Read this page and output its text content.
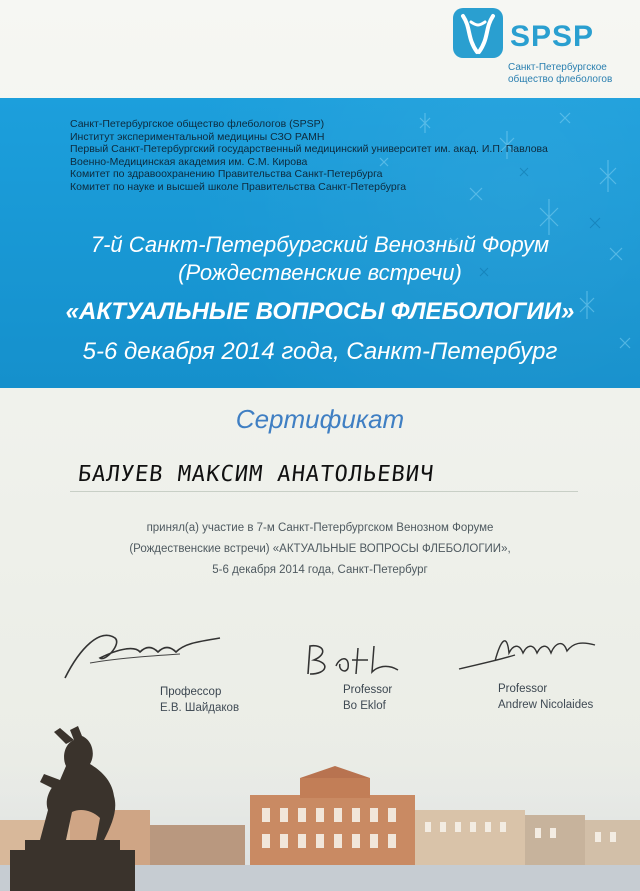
SPSP
Санкт-Петербургское
общество флебологов
Санкт-Петербургское общество флебологов (SPSP)
Институт экспериментальной медицины СЗО РАМН
Первый Санкт-Петербургский государственный медицинский университет им. акад. И.П. Павлова
Военно-Медицинская академия им. С.М. Кирова
Комитет по здравоохранению Правительства Санкт-Петербурга
Комитет по науке и высшей школе Правительства Санкт-Петербурга
7-й Санкт-Петербургский Венозный Форум
(Рождественские встречи)
«АКТУАЛЬНЫЕ ВОПРОСЫ ФЛЕБОЛОГИИ»
5-6 декабря 2014 года, Санкт-Петербург
Сертификат
БАЛУЕВ МАКСИМ АНАТОЛЬЕВИЧ
принял(а) участие в 7-м Санкт-Петербургском Венозном Форуме
(Рождественские встречи) «АКТУАЛЬНЫЕ ВОПРОСЫ ФЛЕБОЛОГИИ»,
5-6 декабря 2014 года, Санкт-Петербург
Профессор	Professor	Professor
